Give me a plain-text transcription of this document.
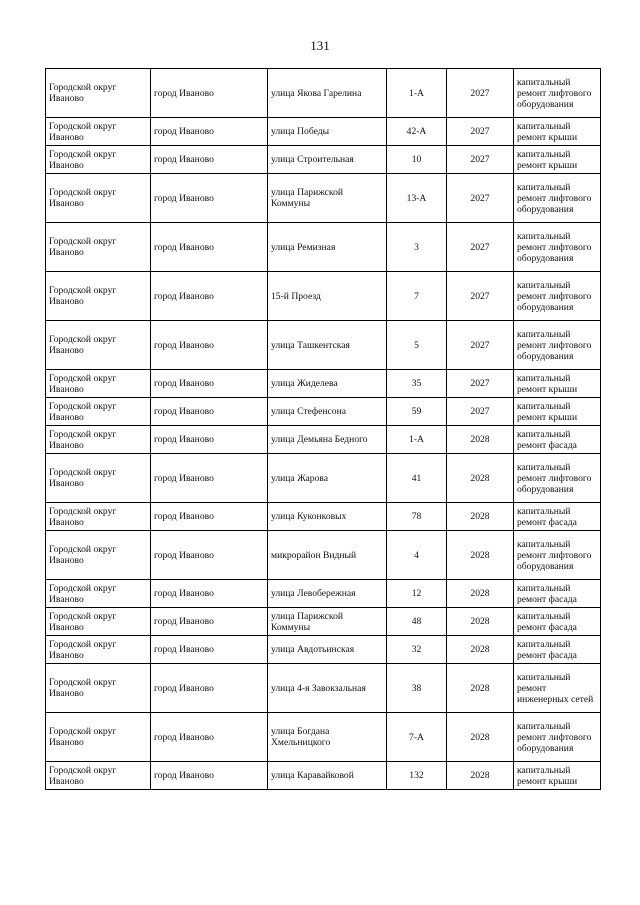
131
Городской округ Иваново	город Иваново	улица Якова Гарелина	1-А	2027	капитальный ремонт лифтового оборудования
Городской округ Иваново	город Иваново	улица Победы	42-А	2027	капитальный ремонт крыши
Городской округ Иваново	город Иваново	улица Строительная	10	2027	капитальный ремонт крыши
Городской округ Иваново	город Иваново	улица Парижской Коммуны	13-А	2027	капитальный ремонт лифтового оборудования
Городской округ Иваново	город Иваново	улица Ремизная	3	2027	капитальный ремонт лифтового оборудования
Городской округ Иваново	город Иваново	15-й Проезд	7	2027	капитальный ремонт лифтового оборудования
Городской округ Иваново	город Иваново	улица Ташкентская	5	2027	капитальный ремонт лифтового оборудования
Городской округ Иваново	город Иваново	улица Жиделева	35	2027	капитальный ремонт крыши
Городской округ Иваново	город Иваново	улица Стефенсона	59	2027	капитальный ремонт крыши
Городской округ Иваново	город Иваново	улица Демьяна Бедного	1-А	2028	капитальный ремонт фасада
Городской округ Иваново	город Иваново	улица Жарова	41	2028	капитальный ремонт лифтового оборудования
Городской округ Иваново	город Иваново	улица Куконковых	78	2028	капитальный ремонт фасада
Городской округ Иваново	город Иваново	микрорайон Видный	4	2028	капитальный ремонт лифтового оборудования
Городской округ Иваново	город Иваново	улица Левобережная	12	2028	капитальный ремонт фасада
Городской округ Иваново	город Иваново	улица Парижской Коммуны	48	2028	капитальный ремонт фасада
Городской округ Иваново	город Иваново	улица Авдотьинская	32	2028	капитальный ремонт фасада
Городской округ Иваново	город Иваново	улица 4-я Завокзальная	38	2028	капитальный ремонт инженерных сетей
Городской округ Иваново	город Иваново	улица Богдана Хмельницкого	7-А	2028	капитальный ремонт лифтового оборудования
Городской округ Иваново	город Иваново	улица Каравайковой	132	2028	капитальный ремонт крыши
